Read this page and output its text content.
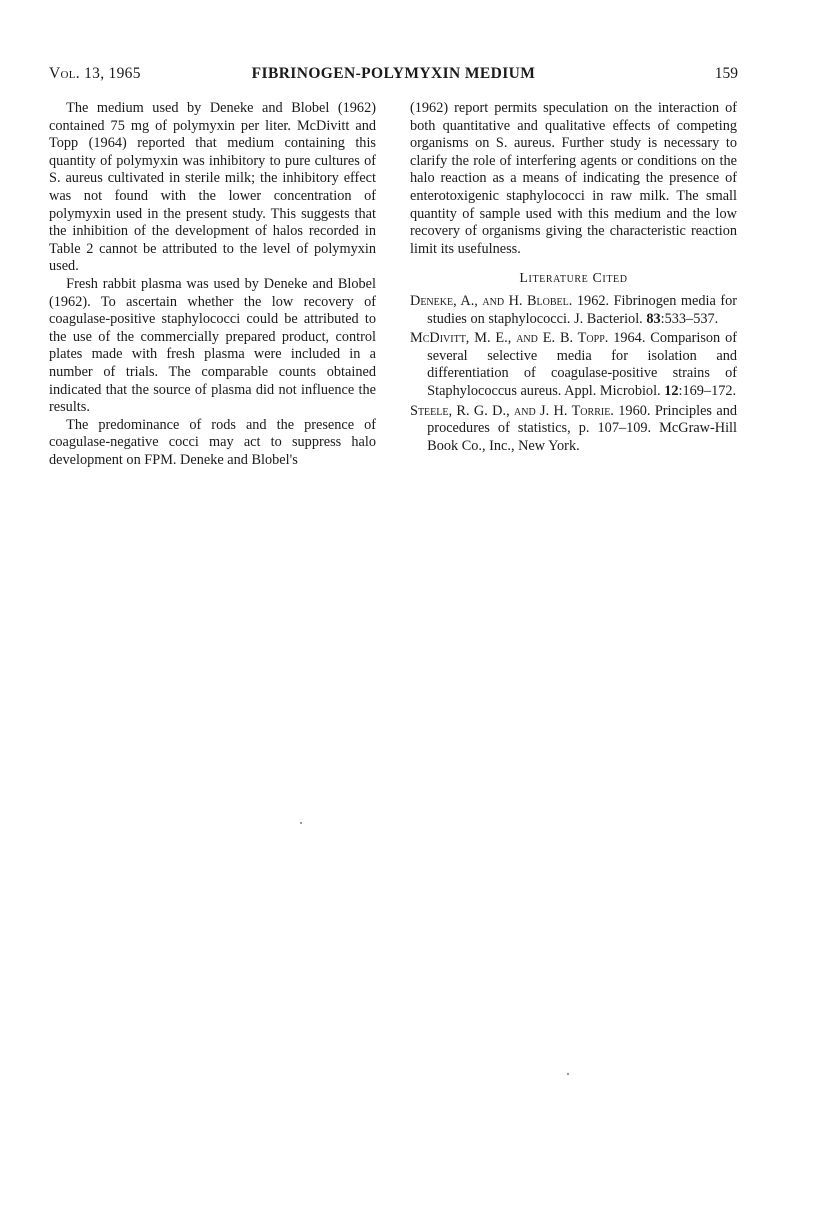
Vol. 13, 1965	FIBRINOGEN-POLYMYXIN MEDIUM	159

The medium used by Deneke and Blobel (1962) contained 75 mg of polymyxin per liter. McDivitt and Topp (1964) reported that medium containing this quantity of polymyxin was inhibitory to pure cultures of S. aureus cultivated in sterile milk; the inhibitory effect was not found with the lower concentration of polymyxin used in the present study. This suggests that the inhibition of the development of halos recorded in Table 2 cannot be attributed to the level of polymyxin used.

Fresh rabbit plasma was used by Deneke and Blobel (1962). To ascertain whether the low recovery of coagulase-positive staphylococci could be attributed to the use of the commercially prepared product, control plates made with fresh plasma were included in a number of trials. The comparable counts obtained indicated that the source of plasma did not influence the results.

The predominance of rods and the presence of coagulase-negative cocci may act to suppress halo development on FPM. Deneke and Blobel's

(1962) report permits speculation on the interaction of both quantitative and qualitative effects of competing organisms on S. aureus. Further study is necessary to clarify the role of interfering agents or conditions on the halo reaction as a means of indicating the presence of enterotoxigenic staphylococci in raw milk. The small quantity of sample used with this medium and the low recovery of organisms giving the characteristic reaction limit its usefulness.

Literature Cited
Deneke, A., and H. Blobel. 1962. Fibrinogen media for studies on staphylococci. J. Bacteriol. 83:533–537.
McDivitt, M. E., and E. B. Topp. 1964. Comparison of several selective media for isolation and differentiation of coagulase-positive strains of Staphylococcus aureus. Appl. Microbiol. 12:169–172.
Steele, R. G. D., and J. H. Torrie. 1960. Principles and procedures of statistics, p. 107–109. McGraw-Hill Book Co., Inc., New York.
